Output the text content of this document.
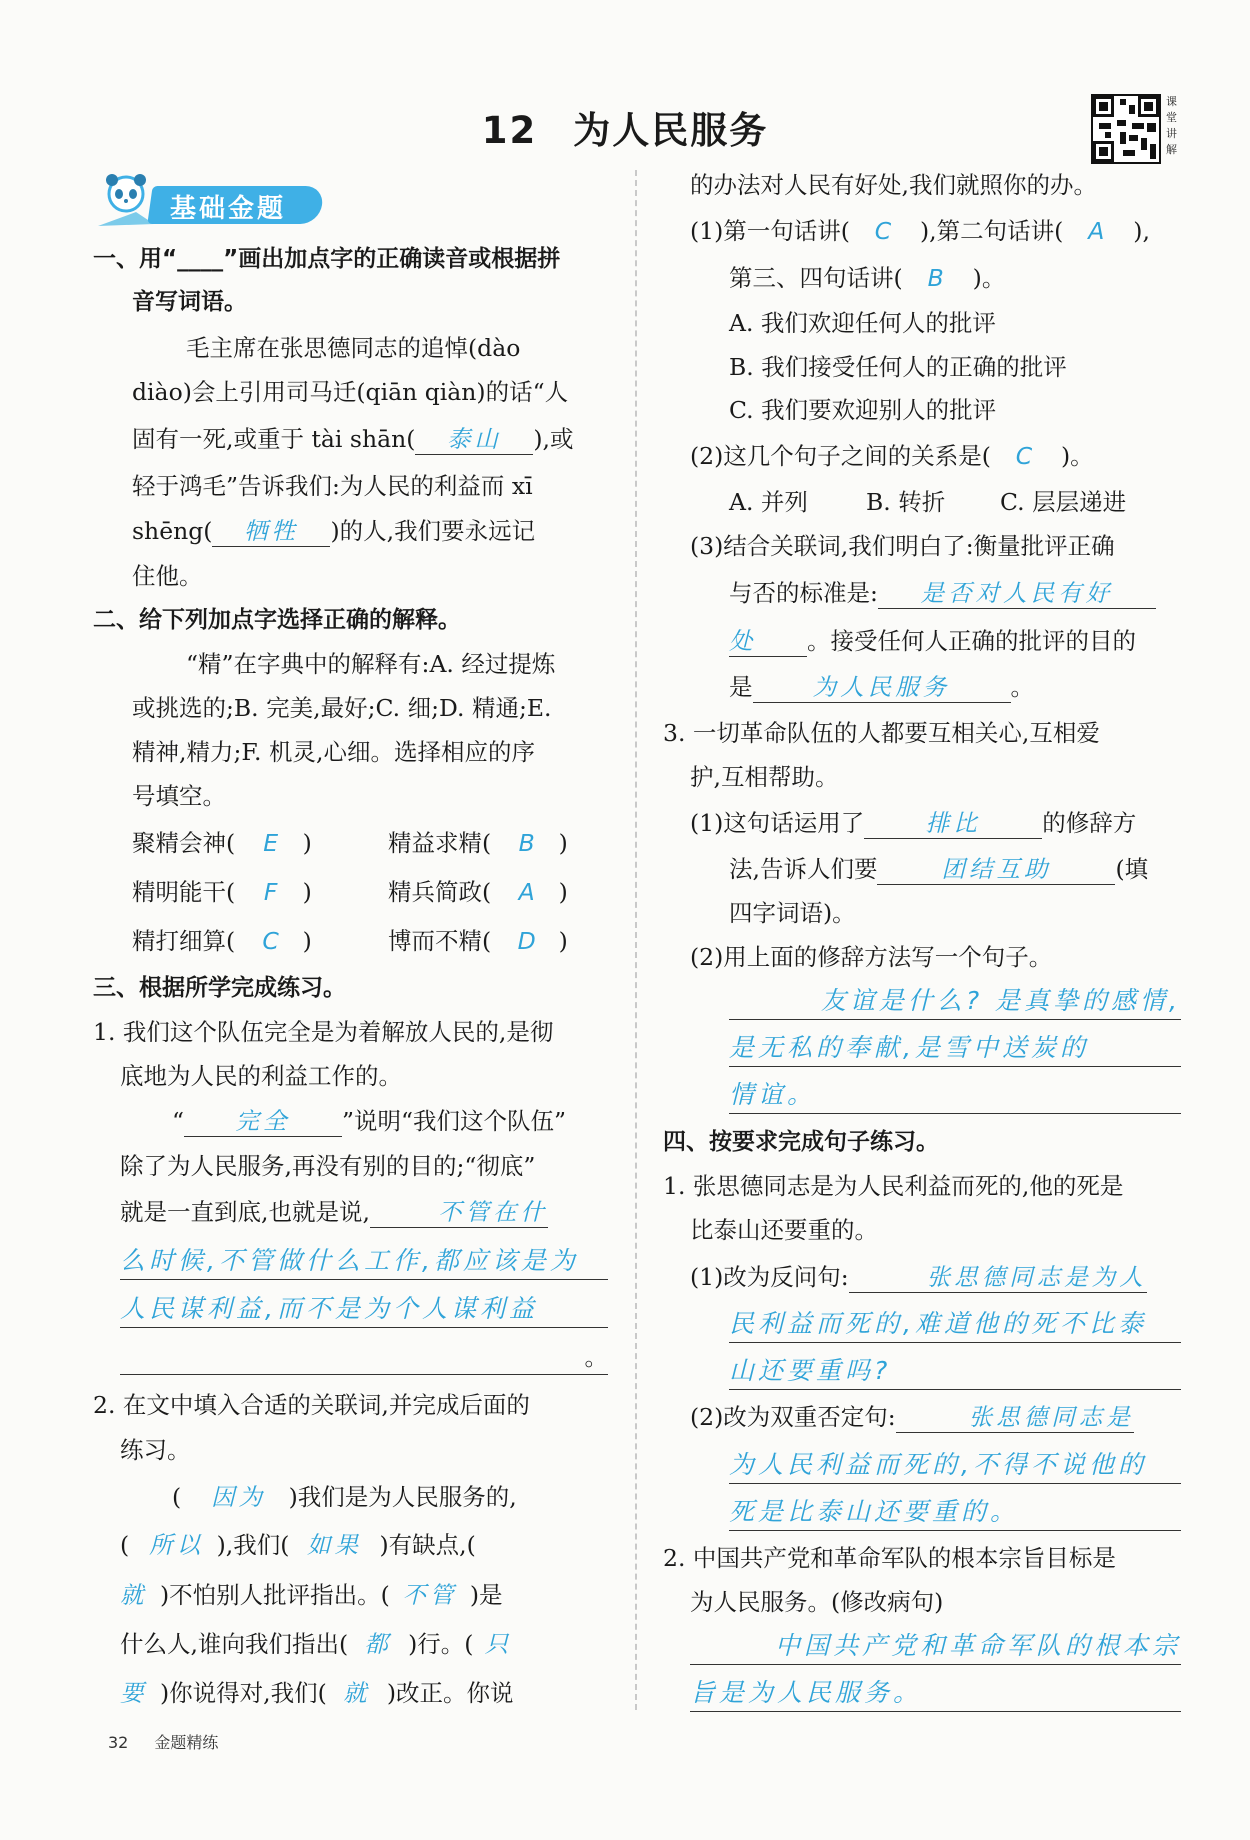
12 为人民服务
课堂讲解
基础金题
一、用“____”画出加点字的正确读音或根据拼
音写词语。
毛主席在张思德同志的追悼(dào
diào)会上引用司马迁(qiān qiàn)的话“人
固有一死,或重于 tài shān( 泰山 ),或
轻于鸿毛”告诉我们:为人民的利益而 xī
shēng( 牺牲 )的人,我们要永远记
住他。
二、给下列加点字选择正确的解释。
“精”在字典中的解释有:A. 经过提炼
或挑选的;B. 完美,最好;C. 细;D. 精通;E.
精神,精力;F. 机灵,心细。选择相应的序
号填空。
聚精会神( E )	精益求精( B )
精明能干( F )	精兵简政( A )
精打细算( C )	博而不精( D )
三、根据所学完成练习。
1. 我们这个队伍完全是为着解放人民的,是彻
底地为人民的利益工作的。
“ 完全 ”说明“我们这个队伍”
除了为人民服务,再没有别的目的;“彻底”
就是一直到底,也就是说,	不管在什
么时候,不管做什么工作,都应该是为
人民谋利益,而不是为个人谋利益
。
2. 在文中填入合适的关联词,并完成后面的
练习。
( 因为 )我们是为人民服务的,
( 所以 ),我们( 如果 )有缺点,(
就 )不怕别人批评指出。( 不管 )是
什么人,谁向我们指出( 都 )行。( 只
要 )你说得对,我们( 就 )改正。你说
的办法对人民有好处,我们就照你的办。
(1)第一句话讲( C ),第二句话讲( A ),
第三、四句话讲( B )。
A. 我们欢迎任何人的批评
B. 我们接受任何人的正确的批评
C. 我们要欢迎别人的批评
(2)这几个句子之间的关系是( C )。
A. 并列 B. 转折 C. 层层递进
(3)结合关联词,我们明白了:衡量批评正确
与否的标准是: 是否对人民有好
处 。接受任何人正确的批评的目的
是	为人民服务	。
3. 一切革命队伍的人都要互相关心,互相爱
护,互相帮助。
(1)这句话运用了	排比	的修辞方
法,告诉人们要	团结互助	(填
四字词语)。
(2)用上面的修辞方法写一个句子。
友谊是什么? 是真挚的感情,
是无私的奉献,是雪中送炭的
情谊。
四、按要求完成句子练习。
1. 张思德同志是为人民利益而死的,他的死是
比泰山还要重的。
(1)改为反问句:	张思德同志是为人
民利益而死的,难道他的死不比泰
山还要重吗?
(2)改为双重否定句:	张思德同志是
为人民利益而死的,不得不说他的
死是比泰山还要重的。
2. 中国共产党和革命军队的根本宗旨目标是
为人民服务。(修改病句)
中国共产党和革命军队的根本宗
旨是为人民服务。
32 金题精练
